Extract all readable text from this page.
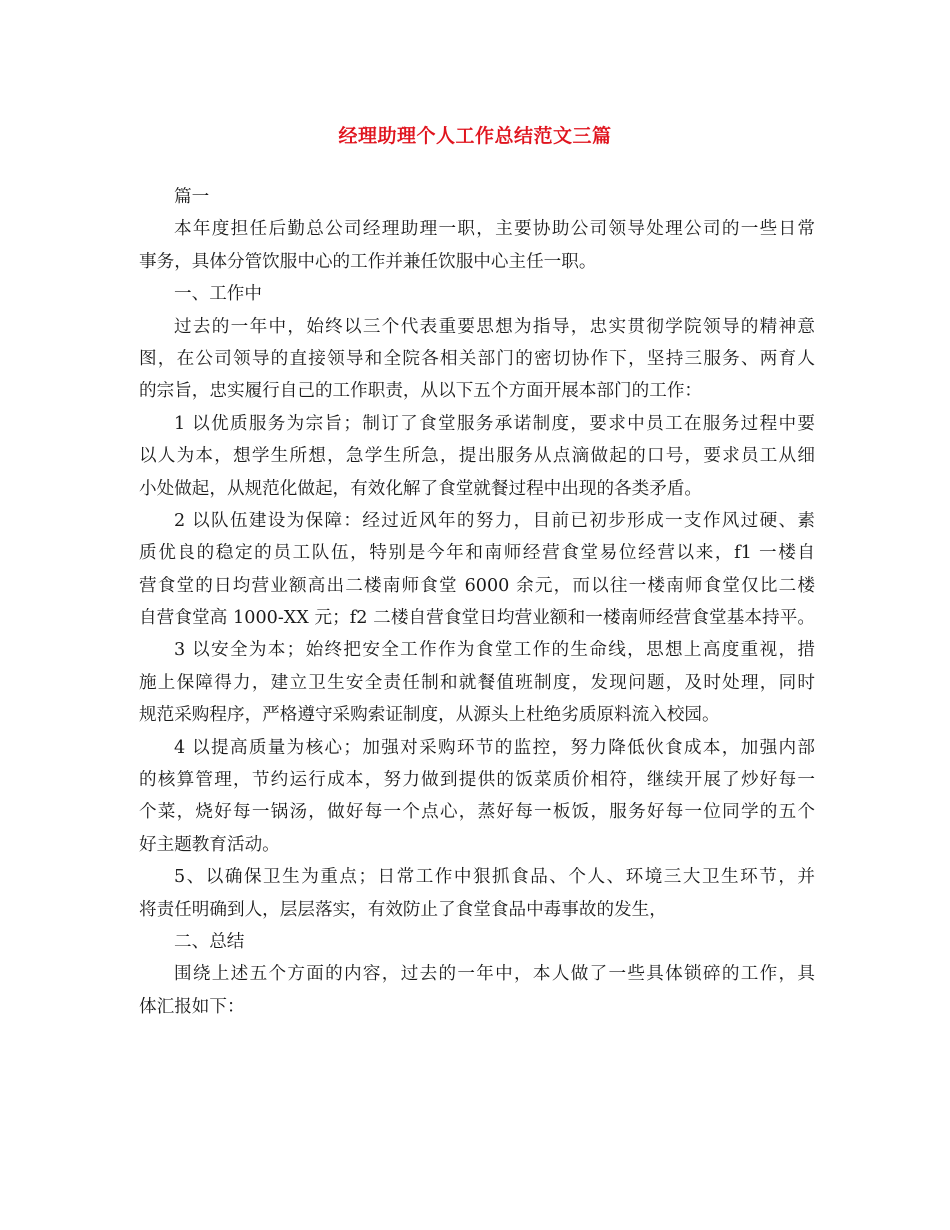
经理助理个人工作总结范文三篇
篇一
本年度担任后勤总公司经理助理一职，主要协助公司领导处理公司的一些日常
事务，具体分管饮服中心的工作并兼任饮服中心主任一职。
一、工作中
过去的一年中，始终以三个代表重要思想为指导，忠实贯彻学院领导的精神意
图，在公司领导的直接领导和全院各相关部门的密切协作下，坚持三服务、两育人
的宗旨，忠实履行自己的工作职责，从以下五个方面开展本部门的工作：
1 以优质服务为宗旨；制订了食堂服务承诺制度，要求中员工在服务过程中要
以人为本，想学生所想，急学生所急，提出服务从点滴做起的口号，要求员工从细
小处做起，从规范化做起，有效化解了食堂就餐过程中出现的各类矛盾。
2 以队伍建设为保障：经过近风年的努力，目前已初步形成一支作风过硬、素
质优良的稳定的员工队伍，特别是今年和南师经营食堂易位经营以来，f1 一楼自
营食堂的日均营业额高出二楼南师食堂 6000 余元，而以往一楼南师食堂仅比二楼
自营食堂高 1000-XX 元；f2 二楼自营食堂日均营业额和一楼南师经营食堂基本持平。
3 以安全为本；始终把安全工作作为食堂工作的生命线，思想上高度重视，措
施上保障得力，建立卫生安全责任制和就餐值班制度，发现问题，及时处理，同时
规范采购程序，严格遵守采购索证制度，从源头上杜绝劣质原料流入校园。
4 以提高质量为核心；加强对采购环节的监控，努力降低伙食成本，加强内部
的核算管理，节约运行成本，努力做到提供的饭菜质价相符，继续开展了炒好每一
个菜，烧好每一锅汤，做好每一个点心，蒸好每一板饭，服务好每一位同学的五个
好主题教育活动。
5、以确保卫生为重点；日常工作中狠抓食品、个人、环境三大卫生环节，并
将责任明确到人，层层落实，有效防止了食堂食品中毒事故的发生，
二、总结
围绕上述五个方面的内容，过去的一年中，本人做了一些具体锁碎的工作，具
体汇报如下：
